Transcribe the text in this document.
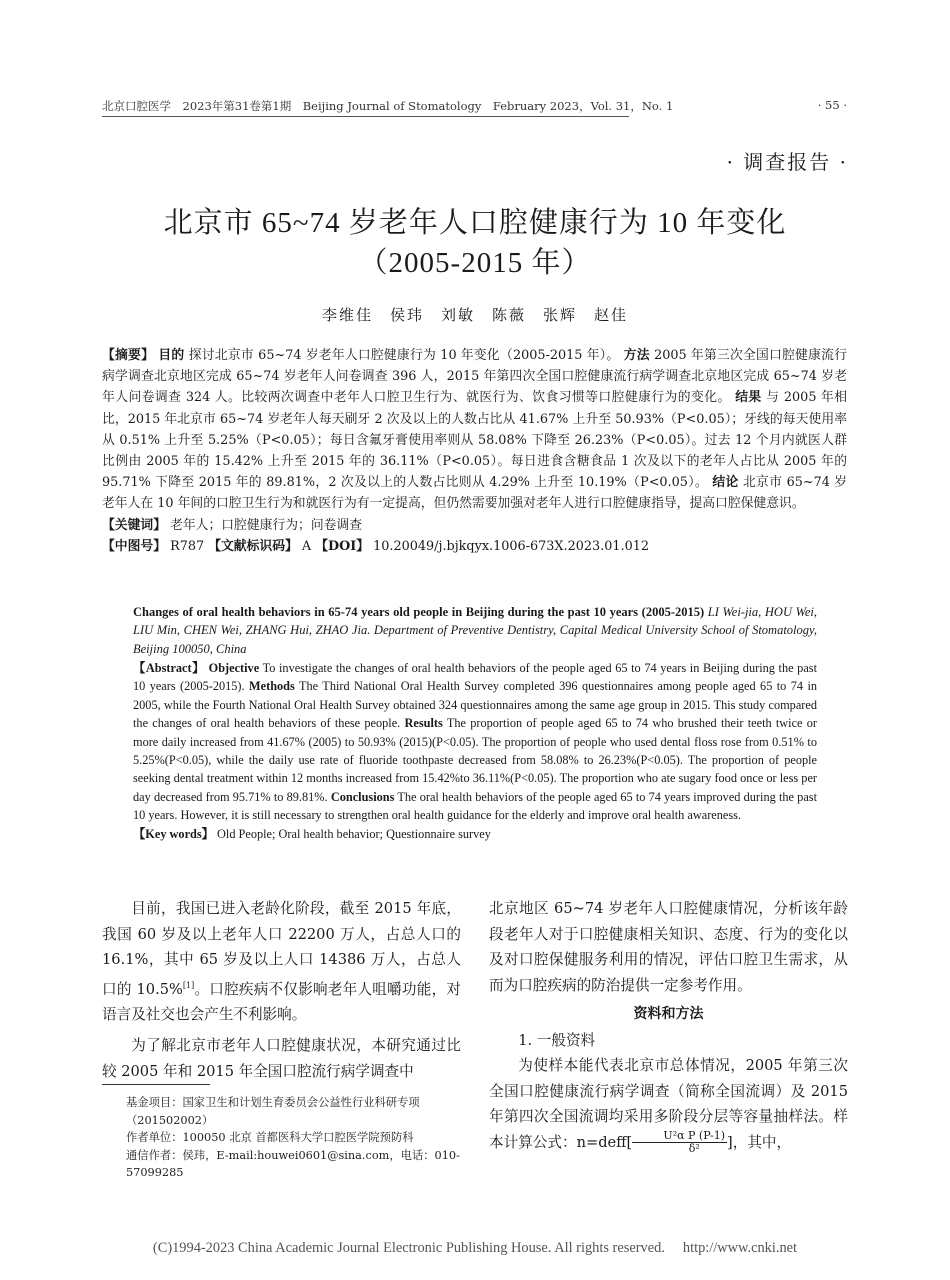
北京口腔医学　2023年第31卷第1期　Beijing Journal of Stomatology　February 2023，Vol. 31，No. 1	· 55 ·
· 调查报告 ·
北京市 65~74 岁老年人口腔健康行为 10 年变化
（2005-2015 年）
李维佳　侯玮　刘敏　陈薇　张辉　赵佳
【摘要】 目的 探讨北京市 65~74 岁老年人口腔健康行为 10 年变化（2005-2015 年）。 方法 2005 年第三次全国口腔健康流行病学调查北京地区完成 65~74 岁老年人问卷调查 396 人，2015 年第四次全国口腔健康流行病学调查北京地区完成 65~74 岁老年人问卷调查 324 人。比较两次调查中老年人口腔卫生行为、就医行为、饮食习惯等口腔健康行为的变化。 结果 与 2005 年相比，2015 年北京市 65~74 岁老年人每天刷牙 2 次及以上的人数占比从 41.67% 上升至 50.93%（P<0.05）；牙线的每天使用率从 0.51% 上升至 5.25%（P<0.05）；每日含氟牙膏使用率则从 58.08% 下降至 26.23%（P<0.05）。过去 12 个月内就医人群比例由 2005 年的 15.42% 上升至 2015 年的 36.11%（P<0.05）。每日进食含糖食品 1 次及以下的老年人占比从 2005 年的 95.71% 下降至 2015 年的 89.81%，2 次及以上的人数占比则从 4.29% 上升至 10.19%（P<0.05）。 结论 北京市 65~74 岁老年人在 10 年间的口腔卫生行为和就医行为有一定提高，但仍然需要加强对老年人进行口腔健康指导，提高口腔保健意识。
【关键词】 老年人；口腔健康行为；问卷调查
【中图号】 R787 【文献标识码】 A 【DOI】 10.20049/j.bjkqyx.1006-673X.2023.01.012
Changes of oral health behaviors in 65-74 years old people in Beijing during the past 10 years (2005-2015) LI Wei-jia, HOU Wei, LIU Min, CHEN Wei, ZHANG Hui, ZHAO Jia. Department of Preventive Dentistry, Capital Medical University School of Stomatology, Beijing 100050, China
【Abstract】 Objective To investigate the changes of oral health behaviors of the people aged 65 to 74 years in Beijing during the past 10 years (2005-2015). Methods The Third National Oral Health Survey completed 396 questionnaires among people aged 65 to 74 in 2005, while the Fourth National Oral Health Survey obtained 324 questionnaires among the same age group in 2015. This study compared the changes of oral health behaviors of these people. Results The proportion of people aged 65 to 74 who brushed their teeth twice or more daily increased from 41.67% (2005) to 50.93% (2015)(P<0.05). The proportion of people who used dental floss rose from 0.51% to 5.25%(P<0.05), while the daily use rate of fluoride toothpaste decreased from 58.08% to 26.23%(P<0.05). The proportion of people seeking dental treatment within 12 months increased from 15.42%to 36.11%(P<0.05). The proportion who ate sugary food once or less per day decreased from 95.71% to 89.81%. Conclusions The oral health behaviors of the people aged 65 to 74 years improved during the past 10 years. However, it is still necessary to strengthen oral health guidance for the elderly and improve oral health awareness.
【Key words】 Old People; Oral health behavior; Questionnaire survey

目前，我国已进入老龄化阶段，截至 2015 年底，我国 60 岁及以上老年人口 22200 万人，占总人口的 16.1%，其中 65 岁及以上人口 14386 万人，占总人口的 10.5%[1]。口腔疾病不仅影响老年人咀嚼功能，对语言及社交也会产生不利影响。

为了解北京市老年人口腔健康状况，本研究通过比较 2005 年和 2015 年全国口腔流行病学调查中

基金项目：国家卫生和计划生育委员会公益性行业科研专项（201502002）

作者单位：100050 北京 首都医科大学口腔医学院预防科

通信作者：侯玮，E-mail:houwei0601@sina.com，电话：010-57099285

北京地区 65~74 岁老年人口腔健康情况，分析该年龄段老年人对于口腔健康相关知识、态度、行为的变化以及对口腔保健服务利用的情况，评估口腔卫生需求，从而为口腔疾病的防治提供一定参考作用。

资料和方法

1. 一般资料

为使样本能代表北京市总体情况，2005 年第三次全国口腔健康流行病学调查（简称全国流调）及 2015 年第四次全国流调均采用多阶段分层等容量抽样法。样本计算公式：n=deff[ $\frac{\text{U²α P (P-1)}}{\text{δ²}}$ ]，其中，

(C)1994-2023 China Academic Journal Electronic Publishing House. All rights reserved.　 http://www.cnki.net
